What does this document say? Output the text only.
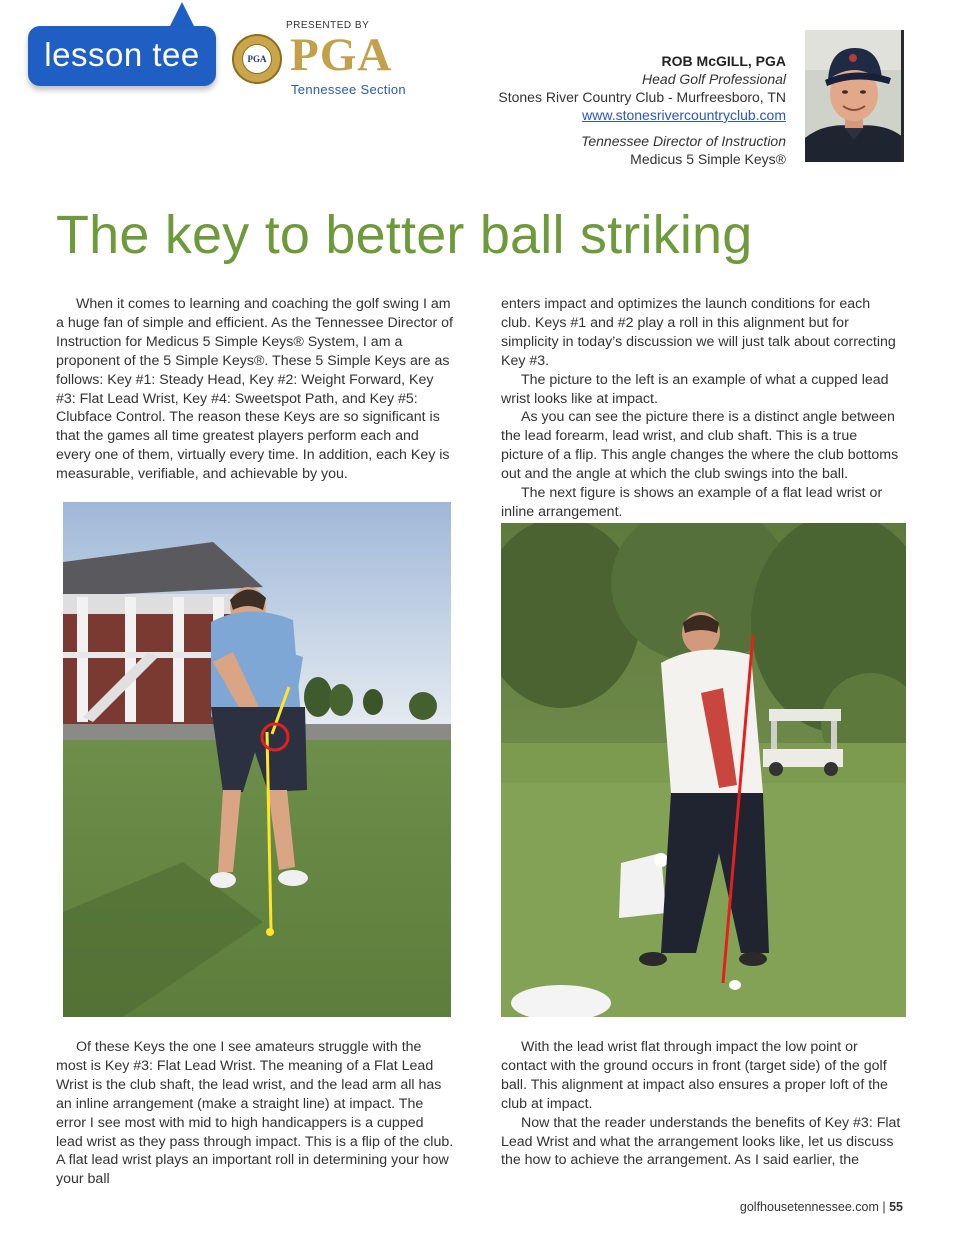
lesson tee
PRESENTED BY
PGA PGA
Tennessee Section
ROB McGILL, PGA
Head Golf Professional
Stones River Country Club - Murfreesboro, TN
www.stonesrivercountryclub.com
Tennessee Director of Instruction
Medicus 5 Simple Keys®
The key to better ball striking

When it comes to learning and coaching the golf swing I am a huge fan of simple and efficient. As the Tennessee Director of Instruction for Medicus 5 Simple Keys® System, I am a proponent of the 5 Simple Keys®. These 5 Simple Keys are as follows: Key #1: Steady Head, Key #2: Weight Forward, Key #3: Flat Lead Wrist, Key #4: Sweetspot Path, and Key #5: Clubface Control. The reason these Keys are so significant is that the games all time greatest players perform each and every one of them, virtually every time. In addition, each Key is measurable, verifiable, and achievable by you.

enters impact and optimizes the launch conditions for each club. Keys #1 and #2 play a roll in this alignment but for simplicity in today’s discussion we will just talk about correcting Key #3.

The picture to the left is an example of what a cupped lead wrist looks like at impact.

As you can see the picture there is a distinct angle between the lead forearm, lead wrist, and club shaft. This is a true picture of a flip. This angle changes the where the club bottoms out and the angle at which the club swings into the ball.

The next figure is shows an example of a flat lead wrist or inline arrangement.

Of these Keys the one I see amateurs struggle with the most is Key #3: Flat Lead Wrist. The meaning of a Flat Lead Wrist is the club shaft, the lead wrist, and the lead arm all has an inline arrangement (make a straight line) at impact. The error I see most with mid to high handicappers is a cupped lead wrist as they pass through impact. This is a flip of the club. A flat lead wrist plays an important roll in determining your how your ball

With the lead wrist flat through impact the low point or contact with the ground occurs in front (target side) of the golf ball. This alignment at impact also ensures a proper loft of the club at impact.

Now that the reader understands the benefits of Key #3: Flat Lead Wrist and what the arrangement looks like, let us discuss the how to achieve the arrangement. As I said earlier, the

golfhousetennessee.com | 55
